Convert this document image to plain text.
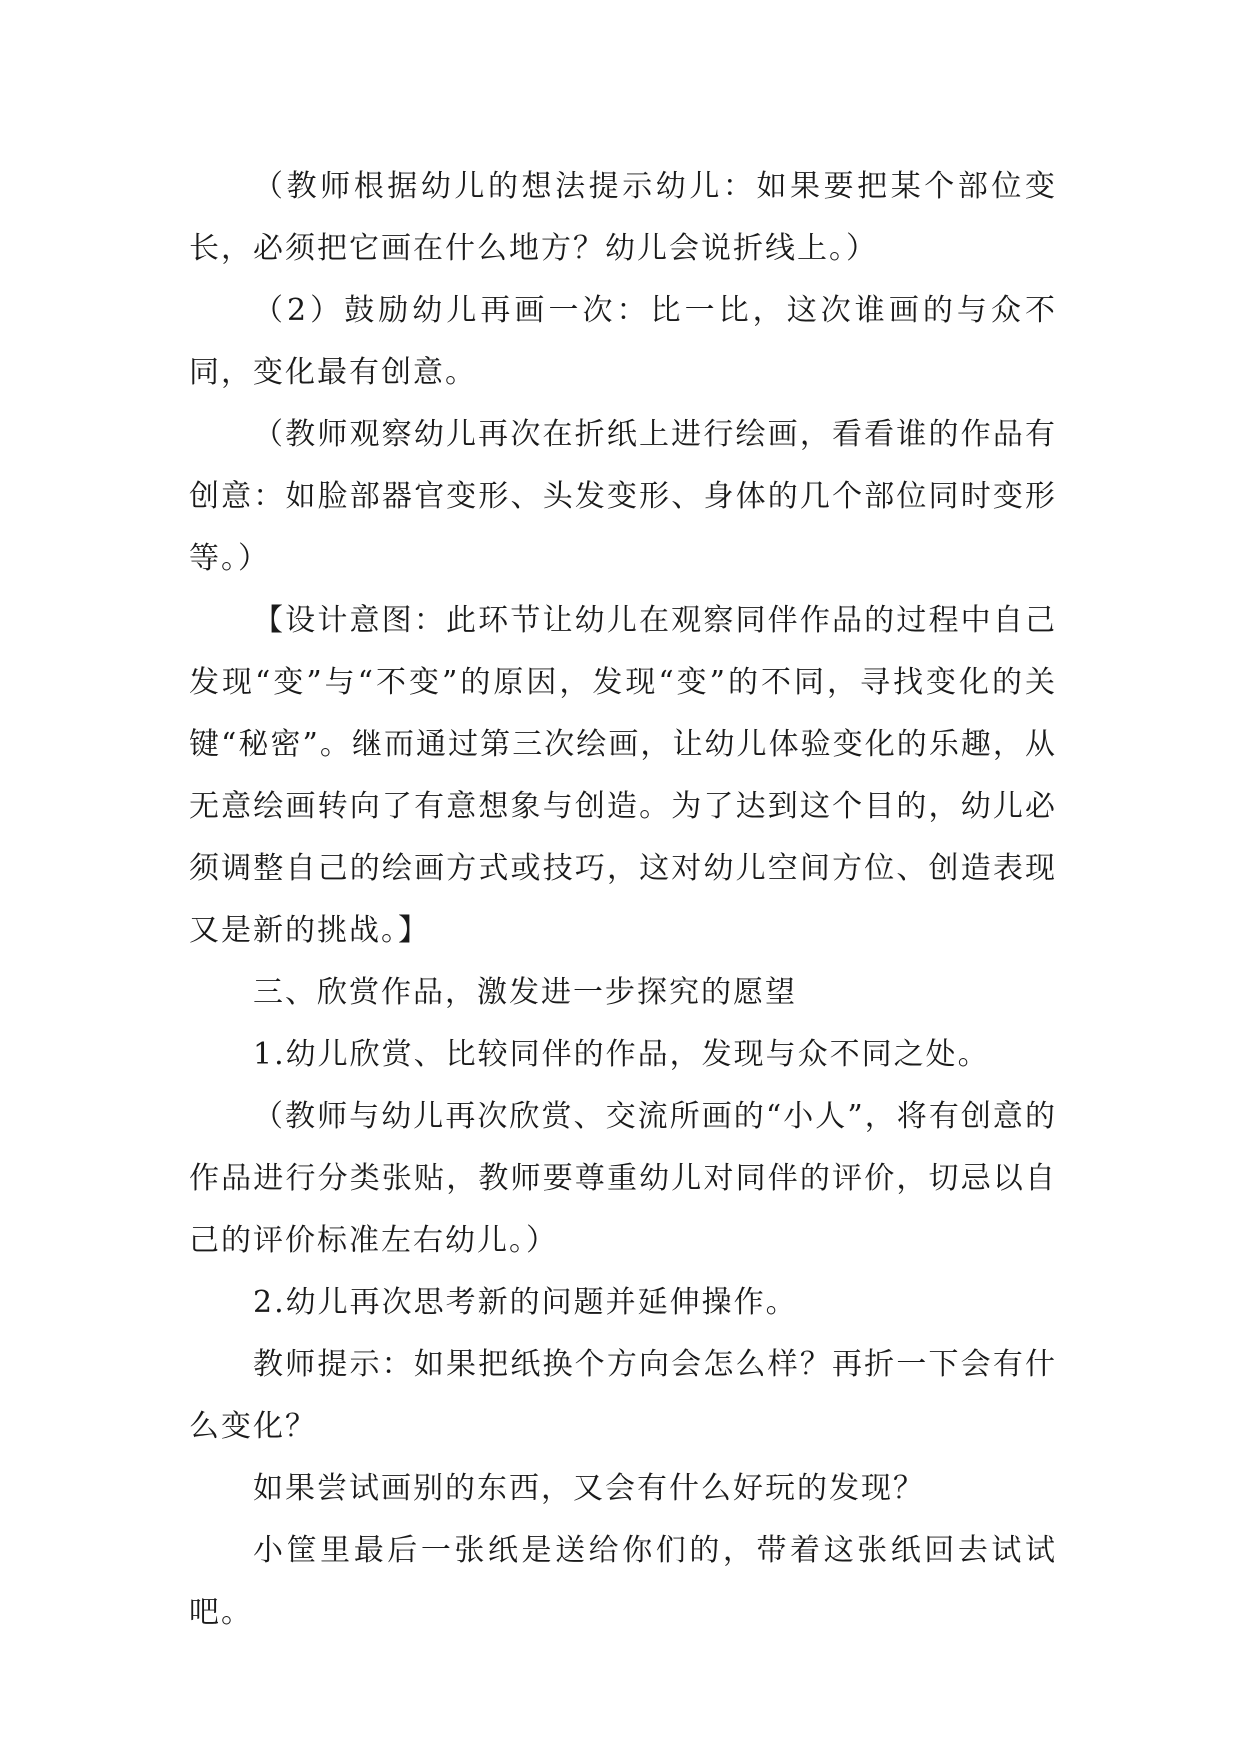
（教师根据幼儿的想法提示幼儿：如果要把某个部位变长，必须把它画在什么地方？幼儿会说折线上。）

（2）鼓励幼儿再画一次：比一比，这次谁画的与众不同，变化最有创意。

（教师观察幼儿再次在折纸上进行绘画，看看谁的作品有创意：如脸部器官变形、头发变形、身体的几个部位同时变形等。）

【设计意图：此环节让幼儿在观察同伴作品的过程中自己发现“变”与“不变”的原因，发现“变”的不同，寻找变化的关键“秘密”。继而通过第三次绘画，让幼儿体验变化的乐趣，从无意绘画转向了有意想象与创造。为了达到这个目的，幼儿必须调整自己的绘画方式或技巧，这对幼儿空间方位、创造表现又是新的挑战。】

三、欣赏作品，激发进一步探究的愿望

1.幼儿欣赏、比较同伴的作品，发现与众不同之处。

（教师与幼儿再次欣赏、交流所画的“小人”，将有创意的作品进行分类张贴，教师要尊重幼儿对同伴的评价，切忌以自己的评价标准左右幼儿。）

2.幼儿再次思考新的问题并延伸操作。

教师提示：如果把纸换个方向会怎么样？再折一下会有什么变化？

如果尝试画别的东西，又会有什么好玩的发现？

小筐里最后一张纸是送给你们的，带着这张纸回去试试吧。
